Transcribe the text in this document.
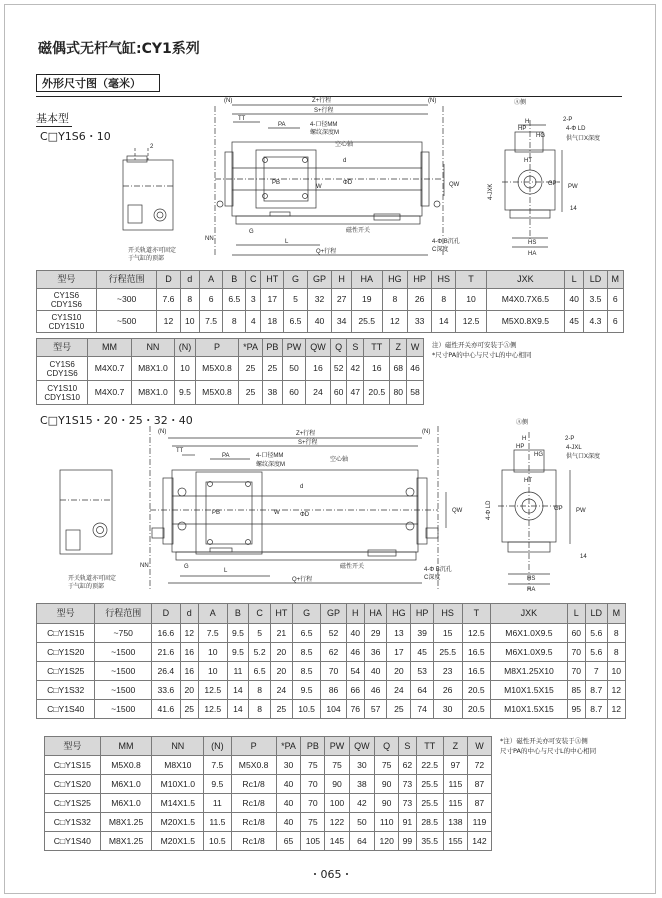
磁偶式无杆气缸:CY1系列
外形尺寸图（毫米）
基本型
C□Y1S6・10
C□Y1S15・20・25・32・40
2
开关轨道亦可固定
于气缸的顶部
(N)	(N)
Z+行程
S+行程
TT
PA	4-口径MM
螺纹深度M
空心轴
PB
W
d
ΦD	QW
NN
G
L
Q+行程
磁性开关
4-Φ B沉孔
C深度
Ⓐ侧
H
HP
HG
HT
2-P
4-Φ LD
供气口X深度
GP PW
14
HS
HA
4-JXK
开关轨道亦可固定
于气缸的顶部
(N)	(N)
Z+行程
S+行程
TT
PA	4-口径MM
螺纹深度M
空心轴
PB	W
d
ΦD
QW
NN	G
L
Q+行程
磁性开关	4-Φ B沉孔
C深度
Ⓐ侧
H
HP
HG
HT
2-P
4-JXL
供气口X深度
GP PW
14
HS
HA
4-Φ LD
型号	行程范围	D	d	A	B	C	HT	G	GP	H	HA	HG	HP	HS	T	JXK	L	LD	M

CY1S6
CDY1S6	~300	7.6	8	6	6.5	3	17	5	32	27	19	8	26	8	10	M4X0.7X6.5	40	3.5	6

CY1S10
CDY1S10	~500	12	10	7.5	8	4	18	6.5	40	34	25.5	12	33	14	12.5	M5X0.8X9.5	45	4.3	6
型号	MM	NN	(N)	P	*PA	PB	PW	QW	Q	S	TT	Z	W

CY1S6
CDY1S6	M4X0.7	M8X1.0	10	M5X0.8	25	25	50	16	52	42	16	68	46

CY1S10
CDY1S10	M4X0.7	M8X1.0	9.5	M5X0.8	25	38	60	24	60	47	20.5	80	58
注）磁性开关亦可安装于Ⓐ侧
*尺寸PA的中心与尺寸L的中心相同
型号	行程范围	D	d	A	B	C	HT	G	GP	H	HA	HG	HP	HS	T	JXK	L	LD	M
C□Y1S15	~750	16.6	12	7.5	9.5	5	21	6.5	52	40	29	13	39	15	12.5	M6X1.0X9.5	60	5.6	8
C□Y1S20	~1500	21.6	16	10	9.5	5.2	20	8.5	62	46	36	17	45	25.5	16.5	M6X1.0X9.5	70	5.6	8
C□Y1S25	~1500	26.4	16	10	11	6.5	20	8.5	70	54	40	20	53	23	16.5	M8X1.25X10	70	7	10
C□Y1S32	~1500	33.6	20	12.5	14	8	24	9.5	86	66	46	24	64	26	20.5	M10X1.5X15	85	8.7	12
C□Y1S40	~1500	41.6	25	12.5	14	8	25	10.5	104	76	57	25	74	30	20.5	M10X1.5X15	95	8.7	12
型号	MM	NN	(N)	P	*PA	PB	PW	QW	Q	S	TT	Z	W
C□Y1S15	M5X0.8	M8X10	7.5	M5X0.8	30	75	75	30	75	62	22.5	97	72
C□Y1S20	M6X1.0	M10X1.0	9.5	Rc1/8	40	70	90	38	90	73	25.5	115	87
C□Y1S25	M6X1.0	M14X1.5	11	Rc1/8	40	70	100	42	90	73	25.5	115	87
C□Y1S32	M8X1.25	M20X1.5	11.5	Rc1/8	40	75	122	50	110	91	28.5	138	119
C□Y1S40	M8X1.25	M20X1.5	10.5	Rc1/8	65	105	145	64	120	99	35.5	155	142
*注）磁性开关亦可安装于Ⓐ侧
尺寸PA的中心与尺寸L的中心相同
・065・
